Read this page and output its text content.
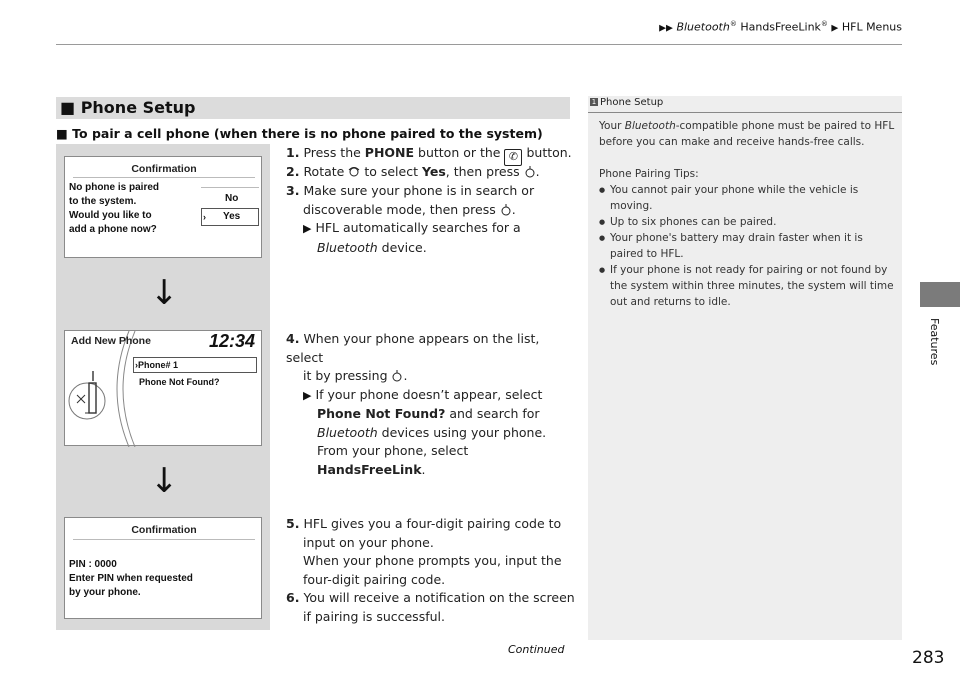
▶▶ Bluetooth® HandsFreeLink® ▶ HFL Menus
Features
■ Phone Setup
■ To pair a cell phone (when there is no phone paired to the system)
Confirmation
No phone is paired
to the system.
Would you like to
add a phone now?
No
› Yes
↓
Add New Phone	12:34
›Phone# 1
Phone Not Found?
↓
Confirmation
PIN : 0000
Enter PIN when requested
by your phone.
1. Press the PHONE button or the ✆ button.
2. Rotate  to select Yes, then press .
3. Make sure your phone is in search or
discoverable mode, then press .
▶ HFL automatically searches for a
Bluetooth device.
4. When your phone appears on the list, select
it by pressing .
▶ If your phone doesn’t appear, select
Phone Not Found? and search for
Bluetooth devices using your phone.
From your phone, select
HandsFreeLink.
5. HFL gives you a four-digit pairing code to
input on your phone.
When your phone prompts you, input the
four-digit pairing code.
6. You will receive a notification on the screen
if pairing is successful.
1 Phone Setup

Your Bluetooth-compatible phone must be paired to HFL before you can make and receive hands-free calls.

Phone Pairing Tips:

● You cannot pair your phone while the vehicle is moving.

● Up to six phones can be paired.

● Your phone's battery may drain faster when it is paired to HFL.

● If your phone is not ready for pairing or not found by the system within three minutes, the system will time out and returns to idle.

Continued	283
